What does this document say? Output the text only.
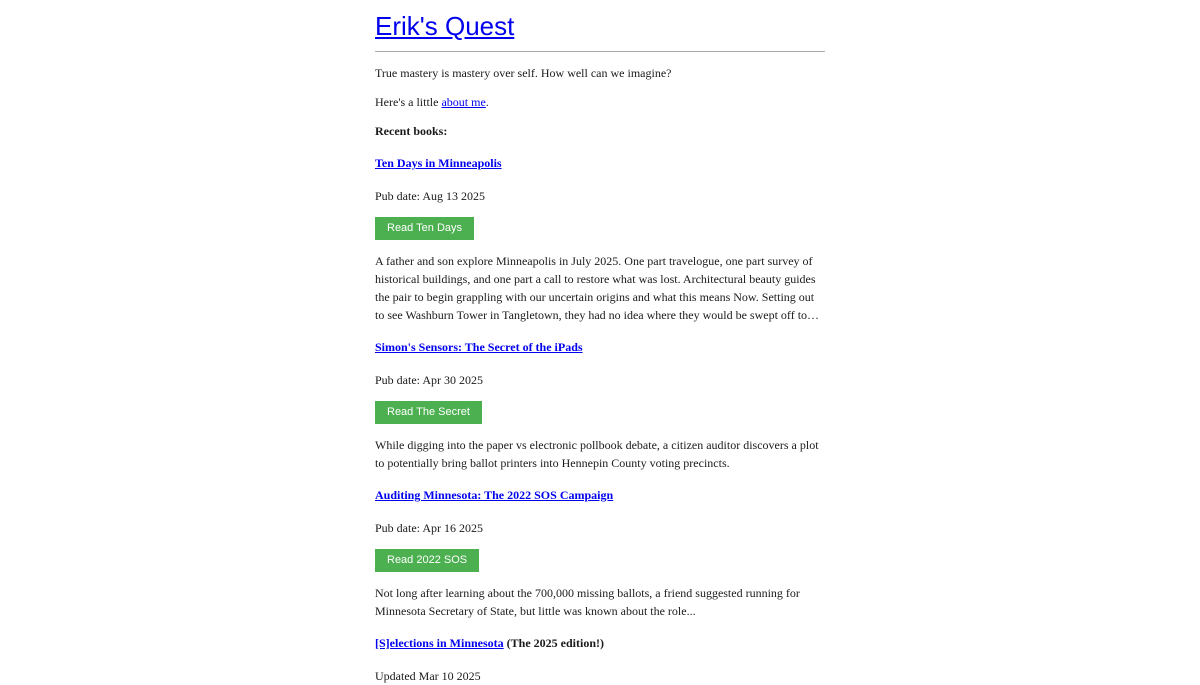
Erik's Quest

True mastery is mastery over self. How well can we imagine?

Here's a little about me.

Recent books:

Ten Days in Minneapolis

Pub date: Aug 13 2025

Read Ten Days

A father and son explore Minneapolis in July 2025. One part travelogue, one part survey of historical buildings, and one part a call to restore what was lost. Architectural beauty guides the pair to begin grappling with our uncertain origins and what this means Now. Setting out to see Washburn Tower in Tangletown, they had no idea where they would be swept off to…

Simon's Sensors: The Secret of the iPads

Pub date: Apr 30 2025

Read The Secret

While digging into the paper vs electronic pollbook debate, a citizen auditor discovers a plot to potentially bring ballot printers into Hennepin County voting precincts.

Auditing Minnesota: The 2022 SOS Campaign

Pub date: Apr 16 2025

Read 2022 SOS

Not long after learning about the 700,000 missing ballots, a friend suggested running for Minnesota Secretary of State, but little was known about the role...

[S]elections in Minnesota (The 2025 edition!)

Updated Mar 10 2025
